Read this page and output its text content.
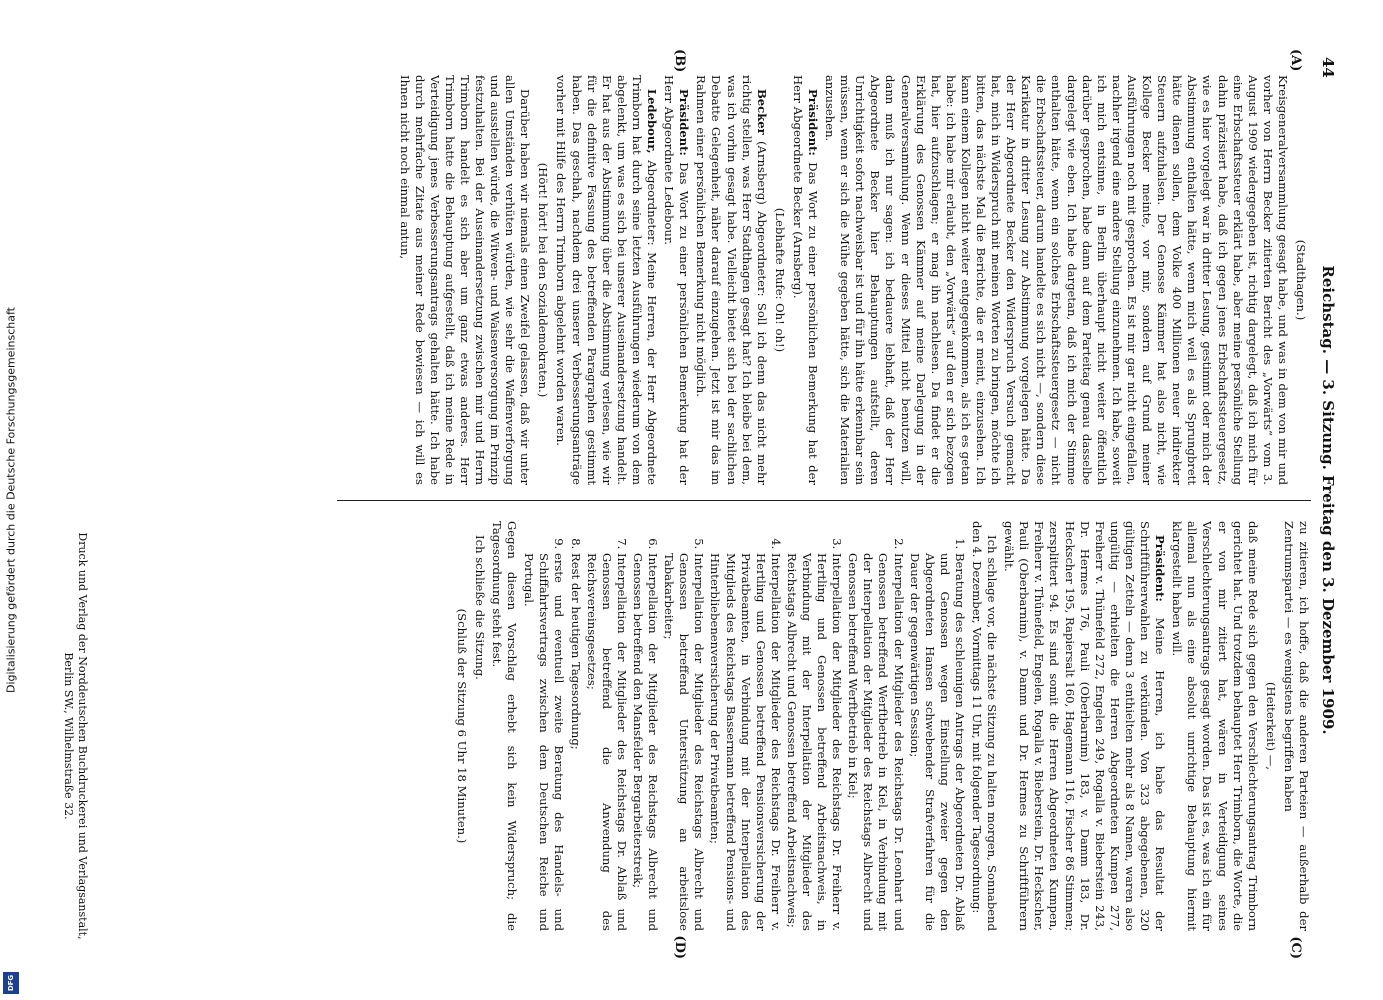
Digitalisierung gefördert durch die Deutsche Forschungsgemeinschaft
DFG
44
Reichstag. — 3. Sitzung. Freitag den 3. Dezember 1909.
(A)
(B)
(C)
(D)

(Stadthagen.)

Kreisgeneralversammlung gesagt habe, und was in dem von mir und vorher von Herrn Becker zitierten Bericht des „Vorwärts“ vom 3. August 1909 wiedergegeben ist, richtig dargelegt, daß ich mich für eine Erbschaftssteuer erklärt habe, aber meine persönliche Stellung dahin präzisiert habe, daß ich gegen jenes Erbschaftssteuergesetz, wie es hier vorgelegt war in dritter Lesung, gestimmt oder mich der Abstimmung enthalten hätte, wenn mich weil es als Sprungbrett hätte dienen sollen, dem Volke 400 Millionen neuer indirekter Steuern aufzuhalsen. Der Genosse Kämmer hat also nicht, wie Kollege Becker meinte, vor mir, sondern auf Grund meiner Ausführungen noch mit gesprochen. Es ist mir gar nicht eingefallen, nachher irgend eine andere Stellung einzunehmen. Ich habe, soweit ich mich entsinne, in Berlin überhaupt nicht weiter öffentlich darüber gesprochen, habe dann auf dem Parteitag genau dasselbe dargelegt wie eben. Ich habe dargetan, daß ich mich der Stimme enthalten hätte, wenn ein solches Erbschaftssteuergesetz — nicht die Erbschaftssteuer, darum handelte es sich nicht —, sondern diese Karikatur in dritter Lesung zur Abstimmung vorgelegen hätte. Da der Herr Abgeordnete Becker den Widerspruch Versuch gemacht hat, mich in Widerspruch mit meinen Worten zu bringen, möchte ich bitten, das nächste Mal die Berichte, die er meint, einzusehen. Ich kann einem Kollegen nicht weiter entgegenkommen, als ich es getan habe: ich habe mir erlaubt, den „Vorwärts“ auf den er sich bezogen hat, hier aufzuschlagen; er mag ihn nachlesen. Da findet er die Erklärung des Genossen Kämmer auf meine Darlegung in der Generalversammlung. Wenn er dieses Mittel nicht benutzen will, dann muß ich nur sagen: ich bedauere lebhaft, daß der Herr Abgeordnete Becker hier Behauptungen aufstellt, deren Unrichtigkeit sofort nachweisbar ist und für ihn hätte erkennbar sein müssen, wenn er sich die Mühe gegeben hätte, sich die Materialien anzusehen.

Präsident: Das Wort zu einer persönlichen Bemerkung hat der Herr Abgeordnete Becker (Arnsberg).

(Lebhafte Rufe: Oh! oh!)

Becker (Arnsberg) Abgeordneter: Soll ich denn das nicht mehr richtig stellen, was Herr Stadthagen gesagt hat? Ich bleibe bei dem, was ich vorhin gesagt habe. Vielleicht bietet sich bei der sachlichen Debatte Gelegenheit, näher darauf einzugehen. Jetzt ist mir das im Rahmen einer persönlichen Bemerkung nicht möglich.

Präsident: Das Wort zu einer persönlichen Bemerkung hat der Herr Abgeordnete Ledebour.

Ledebour, Abgeordneter: Meine Herren, der Herr Abgeordnete Trimborn hat durch seine letzten Ausführungen wiederum von dem abgelenkt, um was es sich bei unserer Auseinandersetzung handelt. Er hat aus der Abstimmung über die Abstimmung verlesen, wie wir für die definitive Fassung des betreffenden Paragraphen gestimmt haben. Das geschah, nachdem drei unserer Verbesserungsanträge vorher mit Hilfe des Herrn Trimborn abgelehnt worden waren.

(Hört! hört! bei den Sozialdemokraten.)

Darüber haben wir niemals einen Zweifel gelassen, daß wir unter allen Umständen verhüten würden, wie sehr die Waffenverforgung und ausstellen würde, die Witwen- und Waisenversorgung im Prinzip festzuhalten. Bei der Auseinandersetzung zwischen mir und Herrn Trimborn handelt es sich aber um ganz etwas anderes. Herr Trimborn hatte die Behauptung aufgestellt, daß ich meine Rede in Verteidigung jenes Verbesserungsantrags gehalten hätte. Ich habe durch mehrfache Zitate aus meiner Rede bewiesen — ich will es Ihnen nicht noch einmal antun,

zu zitieren, ich hoffe, daß die anderen Parteien — außerhalb der Zentrumspartei — es wenigstens begriffen haben

(Heiterkeit) —,

daß meine Rede sich gegen den Verschlechterungsantrag Trimborn gerichtet hat. Und trotzdem behauptet Herr Trimborn, die Worte, die er von mir zitiert hat, wären in Verteidigung seines Verschlechterungsantrags gesagt worden. Das ist es, was ich ein für allemal nun als eine absolut unrichtige Behauptung hiermit klargestellt haben will.

Präsident: Meine Herren, ich habe das Resultat der Schriftführerwahlen zu verkünden. Von 323 abgegebenen, 320 gültigen Zetteln — denn 3 enthielten mehr als 8 Namen, waren also ungültig — erhielten die Herren Abgeordneten Kumpen 277, Freiherr v. Thünefeld 272, Engelen 249, Rogalla v. Bieberstein 243, Dr. Hermes 176, Pauli (Oberbarnim) 183, v. Damm 183, Dr. Heckscher 195, Rapiersalt 160, Hagemann 116, Fischer 86 Stimmen; zersplittert 94. Es sind somit die Herren Abgeordneten Kumpen, Freiherr v. Thünefeld, Engelen, Rogalla v. Bieberstein, Dr. Heckscher, Pauli (Oberbarnim), v. Damm und Dr. Hermes zu Schriftführern gewählt.

Ich schlage vor, die nächste Sitzung zu halten morgen, Sonnabend den 4. Dezember, Vormittags 11 Uhr, mit folgender Tagesordnung:

1. Beratung des schleunigen Antrags der Abgeordneten Dr. Ablaß und Genossen wegen Einstellung zweier gegen den Abgeordneten Hansen schwebender Strafverfahren für die Dauer der gegenwärtigen Session;
2. Interpellation der Mitglieder des Reichstags Dr. Leonhart und Genossen betreffend Werftbetrieb in Kiel, in Verbindung mit der Interpellation der Mitglieder des Reichstags Albrecht und Genossen betreffend Werftbetrieb in Kiel;
3. Interpellation der Mitglieder des Reichstags Dr. Freiherr v. Hertling und Genossen betreffend Arbeitsnachweis, in Verbindung mit der Interpellation der Mitglieder des Reichstags Albrecht und Genossen betreffend Arbeitsnachweis;
4. Interpellation der Mitglieder des Reichstags Dr. Freiherr v. Hertling und Genossen betreffend Pensionsversicherung der Privatbeamten, in Verbindung mit der Interpellation des Mitglieds des Reichstags Bassermann betreffend Pensions- und Hinterbliebenenversicherung der Privatbeamten;
5. Interpellation der Mitglieder des Reichstags Albrecht und Genossen betreffend Unterstützung an arbeitslose Tabakarbeiter;
6. Interpellation der Mitglieder des Reichstags Albrecht und Genossen betreffend den Mansfelder Bergarbeiterstreik;
7. Interpellation der Mitglieder des Reichstags Dr. Ablaß und Genossen betreffend die Anwendung des Reichsvereinsgesetzes;
8. Rest der heutigen Tagesordnung;
9. erste und eventuell zweite Beratung des Handels- und Schiffahrtsvertrags zwischen dem Deutschen Reiche und Portugal.

Gegen diesen Vorschlag erhebt sich kein Widerspruch; die Tagesordnung steht fest.

Ich schließe die Sitzung.

(Schluß der Sitzung 6 Uhr 18 Minuten.)

Druck und Verlag der Norddeutschen Buchdruckerei und Verlagsanstalt,
Berlin SW., Wilhelmstraße 32.
